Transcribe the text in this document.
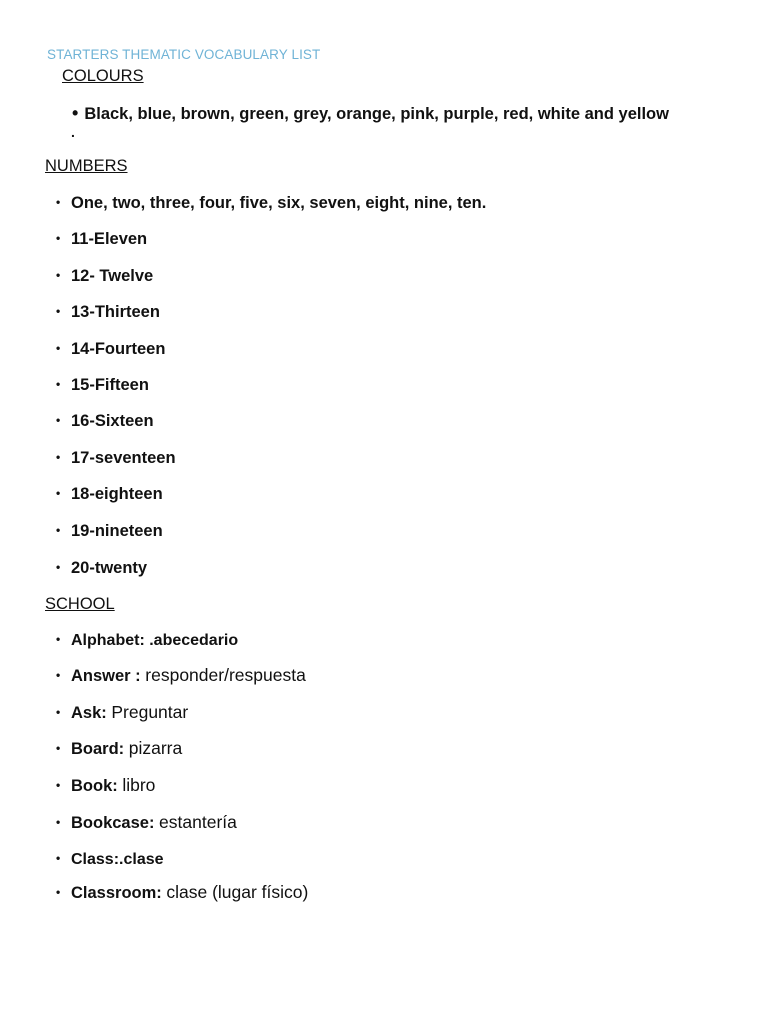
STARTERS THEMATIC VOCABULARY LIST
COLOURS
• Black, blue, brown, green, grey, orange, pink, purple, red, white and yellow
.
NUMBERS
• One, two, three, four, five, six, seven, eight, nine, ten.
• 11-Eleven
• 12- Twelve
• 13-Thirteen
• 14-Fourteen
• 15-Fifteen
• 16-Sixteen
• 17-seventeen
• 18-eighteen
• 19-nineteen
• 20-twenty
SCHOOL
• Alphabet: .abecedario
• Answer : responder/respuesta
• Ask: Preguntar
• Board: pizarra
• Book: libro
• Bookcase: estantería
• Class:.clase
• Classroom: clase (lugar físico)
